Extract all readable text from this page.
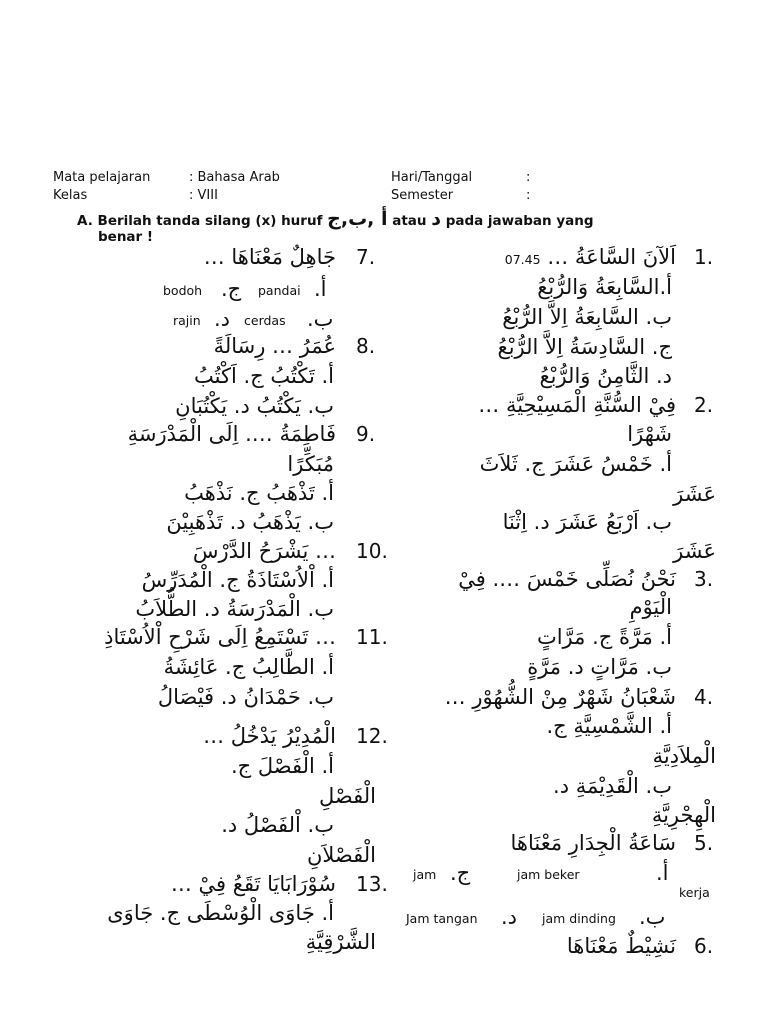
Mata pelajaran	: Bahasa Arab	Hari/Tanggal	:
Kelas	: VIII	Semester	:
A. Berilah tanda silang (x) huruf أ ,ب,ج atau د pada jawaban yang
benar !
1.
اَلآنَ السَّاعَةُ … 07.45
أ.السَّابِعَةُ وَالرُّبْعُ
ب. السَّابِعَةُ اِلاَّ الرُّبْعُ
ج. السَّادِسَةُ اِلاَّ الرُّبْعُ
د. الثَّامِنُ وَالرُّبْعُ
2.
فِيْ السُّنَّةِ الْمَسِيْحِيَّةِ …
شَهْرًا
أ. خَمْسُ عَشَرَ ج. ثَلاَثَ
عَشَرَ
ب. اَرْبَعُ عَشَرَ د. اِثْنَا
عَشَرَ
3.
نَحْنُ نُصَلِّى خَمْسَ …. فِيْ
الْيَوْمِ
أ. مَرَّةً ج. مَرَّاتٍ
ب. مَرَّاتٍ د. مَرَّةٍ
4.
شَعْبَانُ شَهْرٌ مِنْ الشُّهُوْرِ …
أ. الشَّمْسِيَّةِ ج.
الْمِلاَدِيَّةِ
ب. الْقَدِيْمَةِ د.
الْهِجْرِيَّةِ
5.
سَاعَةُ الْجِدَارِ مَعْنَاهَا
أ.
jam beker
ج.
jam
kerja
ب.
jam dinding
د.
Jam tangan
6.
نَشِيْطٌ مَعْنَاهَا
7.
جَاهِلٌ مَعْنَاهَا …
أ.
pandai
ج.
bodoh
ب.
cerdas
د.
rajin
8.
عُمَرُ … رِسَالَةً
أ. تَكْتُبُ ج. اَكْتُبُ
ب. يَكْتُبُ د. يَكْتُبَانِ
9.
فَاطِمَةُ …. اِلَى الْمَدْرَسَةِ
مُبَكِّرًا
أ. تَذْهَبُ ج. نَذْهَبُ
ب. يَذْهَبُ د. تَذْهَبِيْنَ
10.
… يَشْرَحُ الدَّرْسَ
أ. اْلاُسْتَاذَةُ ج. الْمُدَرِّسُ
ب. الْمَدْرَسَةُ د. الطُّلاَبُ
11.
… تَسْتَمِعُ اِلَى شَرْحِ اْلاُسْتَاذِ
أ. الطَّالِبُ ج. عَائِشَةُ
ب. حَمْدَانُ د. فَيْصَالُ
12.
الْمُدِيْرُ يَدْخُلُ …
أ. الْفَصْلَ ج.
الْفَصْلِ
ب. اْلفَصْلُ د.
الْفَصْلاَنِ
13.
سُوْرَابَايَا تَقَعُ فِيْ …
أ. جَاوَى الْوُسْطَى ج. جَاوَى
الشَّرْقِيَّةِ
